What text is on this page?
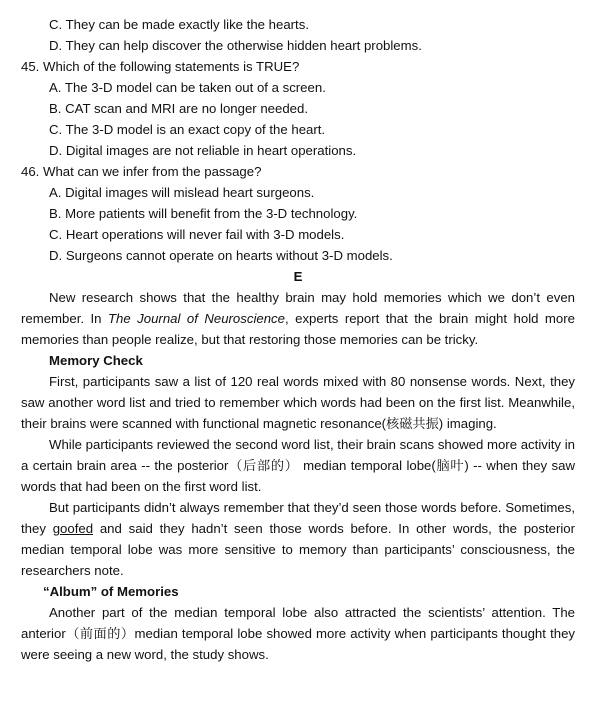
C. They can be made exactly like the hearts.
D. They can help discover the otherwise hidden heart problems.
45. Which of the following statements is TRUE?
A. The 3-D model can be taken out of a screen.
B. CAT scan and MRI are no longer needed.
C. The 3-D model is an exact copy of the heart.
D. Digital images are not reliable in heart operations.
46. What can we infer from the passage?
A. Digital images will mislead heart surgeons.
B. More patients will benefit from the 3-D technology.
C. Heart operations will never fail with 3-D models.
D. Surgeons cannot operate on hearts without 3-D models.
E

New research shows that the healthy brain may hold memories which we don’t even remember. In The Journal of Neuroscience, experts report that the brain might hold more memories than people realize, but that restoring those memories can be tricky.

Memory Check

First, participants saw a list of 120 real words mixed with 80 nonsense words. Next, they saw another word list and tried to remember which words had been on the first list. Meanwhile, their brains were scanned with functional magnetic resonance(核磁共振) imaging.

While participants reviewed the second word list, their brain scans showed more activity in a certain brain area -- the posterior（后部的） median temporal lobe(脑叶) -- when they saw words that had been on the first word list.

But participants didn’t always remember that they’d seen those words before. Sometimes, they goofed and said they hadn’t seen those words before. In other words, the posterior median temporal lobe was more sensitive to memory than participants’ consciousness, the researchers note.

“Album” of Memories

Another part of the median temporal lobe also attracted the scientists’ attention. The anterior（前面的）median temporal lobe showed more activity when participants thought they were seeing a new word, the study shows.
